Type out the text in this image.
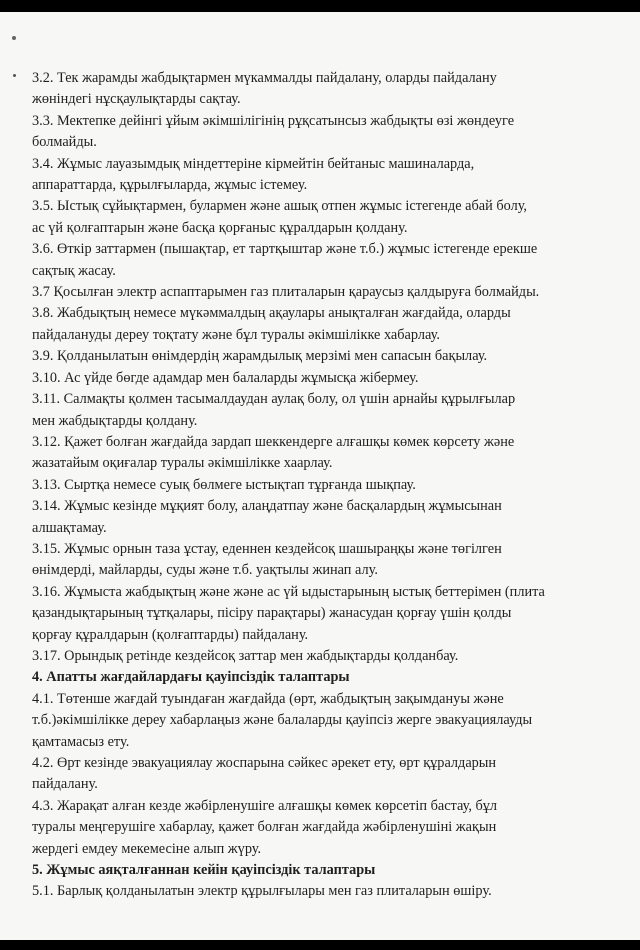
3.2. Тек жарамды жабдықтармен мүкаммалды пайдалану, оларды пайдалану
жөніндегі нұсқаулықтарды сақтау.
3.3. Мектепке дейінгі ұйым әкімшілігінің рұқсатынсыз жабдықты өзі жөндеуге
болмайды.
3.4. Жұмыс лауазымдық міндеттеріне кірмейтін бейтаныс машиналарда,
аппараттарда, құрылғыларда, жұмыс істемеу.
3.5. Ыстық сұйықтармен, булармен және ашық отпен жұмыс істегенде абай болу,
ас үй қолғаптарын және басқа қорғаныс құралдарын қолдану.
3.6. Өткір заттармен (пышақтар, ет тартқыштар және т.б.) жұмыс істегенде ерекше
сақтық жасау.
3.7 Қосылған электр аспаптарымен газ плиталарын қараусыз қалдыруға болмайды.
3.8. Жабдықтың немесе мүкәммалдың ақаулары анықталған жағдайда, оларды
пайдалануды дереу тоқтату және бұл туралы әкімшілікке хабарлау.
3.9. Қолданылатын өнімдердің жарамдылық мерзімі мен сапасын бақылау.
3.10. Ас үйде бөгде адамдар мен балаларды жұмысқа жібермеу.
3.11. Салмақты қолмен тасымалдаудан аулақ болу, ол үшін арнайы құрылғылар
мен жабдықтарды қолдану.
3.12. Қажет болған жағдайда зардап шеккендерге алғашқы көмек көрсету және
жазатайым оқиғалар туралы әкімшілікке хаарлау.
3.13. Сыртқа немесе суық бөлмеге ыстықтап тұрғанда шықпау.
3.14. Жұмыс кезінде мұқият болу, алаңдатпау және басқалардың жұмысынан
алшақтамау.
3.15. Жұмыс орнын таза ұстау, еденнен кездейсоқ шашыраңқы және төгілген
өнімдерді, майларды, суды және т.б. уақтылы жинап алу.
3.16. Жұмыста жабдықтың және және ас үй ыдыстарының ыстық беттерімен (плита
қазандықтарының тұтқалары, пісіру парақтары) жанасудан қорғау үшін қолды
қорғау құралдарын (қолғаптарды) пайдалану.
3.17. Орындық ретінде кездейсоқ заттар мен жабдықтарды қолданбау.
4. Апатты жағдайлардағы қауіпсіздік талаптары
4.1. Төтенше жағдай туындаған жағдайда (өрт, жабдықтың зақымдануы және
т.б.)әкімшілікке дереу хабарлаңыз және балаларды қауіпсіз жерге эвакуациялауды
қамтамасыз ету.
4.2. Өрт кезінде эвакуациялау жоспарына сәйкес әрекет ету, өрт құралдарын
пайдалану.
4.3. Жарақат алған кезде жәбірленушіге алғашқы көмек көрсетіп бастау, бұл
туралы меңгерушіге хабарлау, қажет болған жағдайда жәбірленушіні жақын
жердегі емдеу мекемесіне алып жүру.
5. Жұмыс аяқталғаннан кейін қауіпсіздік талаптары
5.1. Барлық қолданылатын электр құрылғылары мен газ плиталарын өшіру.
